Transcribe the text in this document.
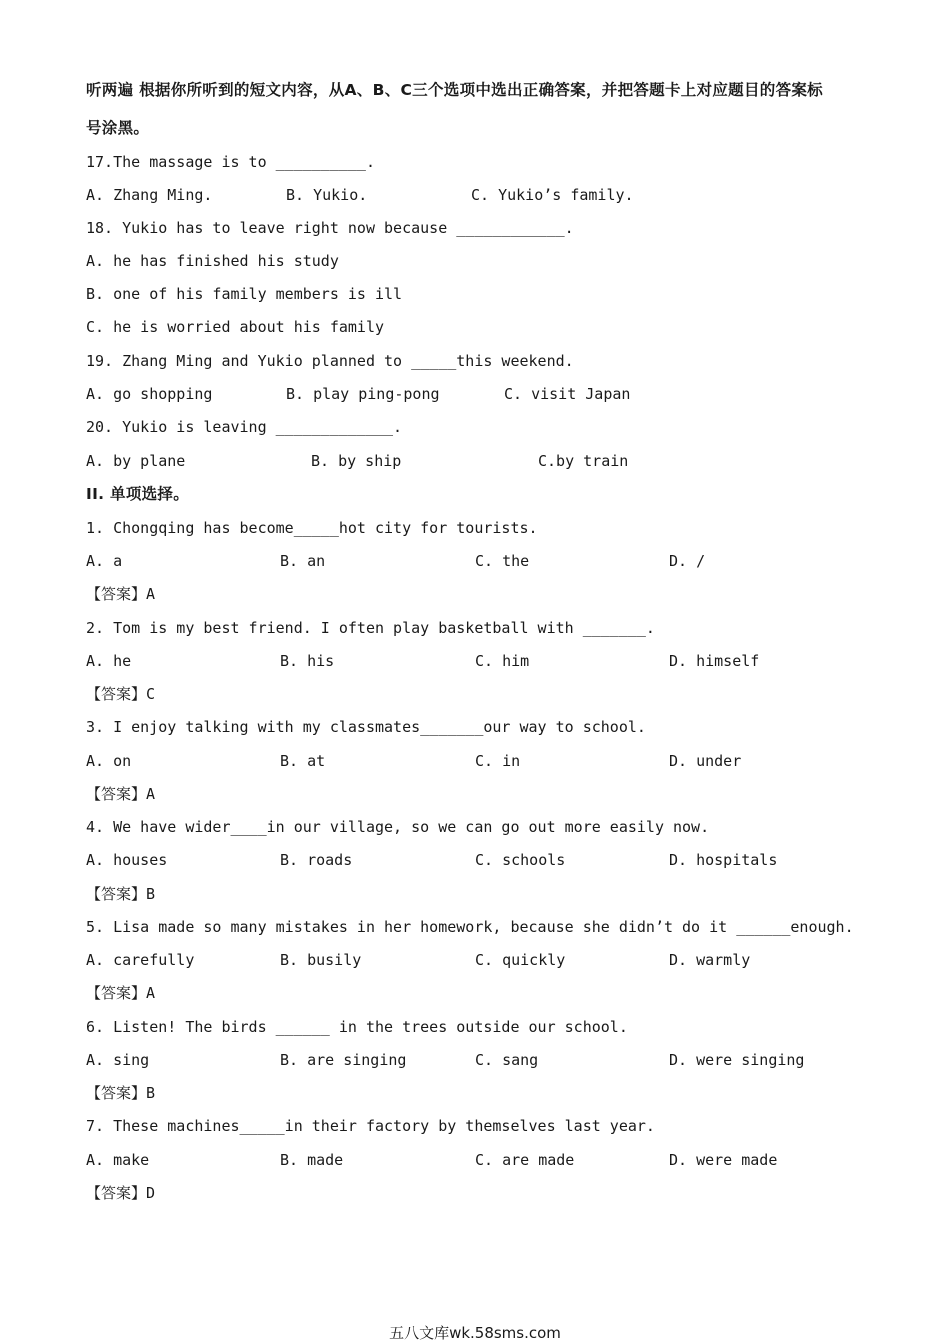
听两遍 根据你所听到的短文内容，从A、B、C三个选项中选出正确答案，并把答题卡上对应题目的答案标
号涂黑。
17.The massage is to __________.
A. Zhang Ming.	B. Yukio.	C. Yukio’s family.
18. Yukio has to leave right now because ____________.
A. he has finished his study
B. one of his family members is ill
C. he is worried about his family
19. Zhang Ming and Yukio planned to _____this weekend.
A. go shopping	B. play ping-pong	C. visit Japan
20. Yukio is leaving _____________.
A. by plane	B. by ship	C.by train
II. 单项选择。
1. Chongqing has become_____hot city for tourists.
A. a	B. an	C. the	D. /
【答案】A
2. Tom is my best friend. I often play basketball with _______.
A. he	B. his	C. him	D. himself
【答案】C
3. I enjoy talking with my classmates_______our way to school.
A. on	B. at	C. in	D. under
【答案】A
4. We have wider____in our village, so we can go out more easily now.
A. houses	B. roads	C. schools	D. hospitals
【答案】B
5. Lisa made so many mistakes in her homework, because she didn’t do it ______enough.
A. carefully	B. busily	C. quickly	D. warmly
【答案】A
6. Listen! The birds ______ in the trees outside our school.
A. sing	B. are singing	C. sang	D. were singing
【答案】B
7. These machines_____in their factory by themselves last year.
A. make	B. made	C. are made	D. were made
【答案】D
五八文库wk.58sms.com
